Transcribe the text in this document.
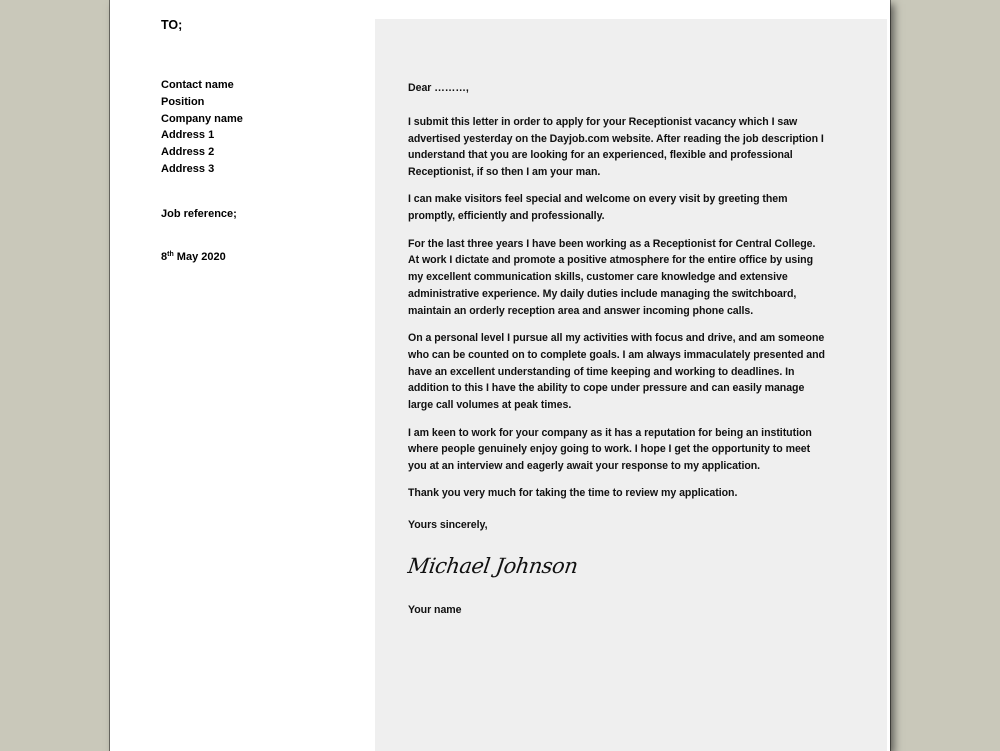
TO;

Contact name
Position
Company name
Address 1
Address 2
Address 3
Job reference;
8th May 2020

Dear ………,

I submit this letter in order to apply for your Receptionist vacancy which I saw advertised yesterday on the Dayjob.com website. After reading the job description I understand that you are looking for an experienced, flexible and professional Receptionist, if so then I am your man.

I can make visitors feel special and welcome on every visit by greeting them promptly, efficiently and professionally.

For the last three years I have been working as a Receptionist for Central College. At work I dictate and promote a positive atmosphere for the entire office by using my excellent communication skills, customer care knowledge and extensive administrative experience. My daily duties include managing the switchboard, maintain an orderly reception area and answer incoming phone calls.

On a personal level I pursue all my activities with focus and drive, and am someone who can be counted on to complete goals. I am always immaculately presented and have an excellent understanding of time keeping and working to deadlines. In addition to this I have the ability to cope under pressure and can easily manage large call volumes at peak times.

I am keen to work for your company as it has a reputation for being an institution where people genuinely enjoy going to work. I hope I get the opportunity to meet you at an interview and eagerly await your response to my application.

Thank you very much for taking the time to review my application.

Yours sincerely,

Michael Johnson
Your name
